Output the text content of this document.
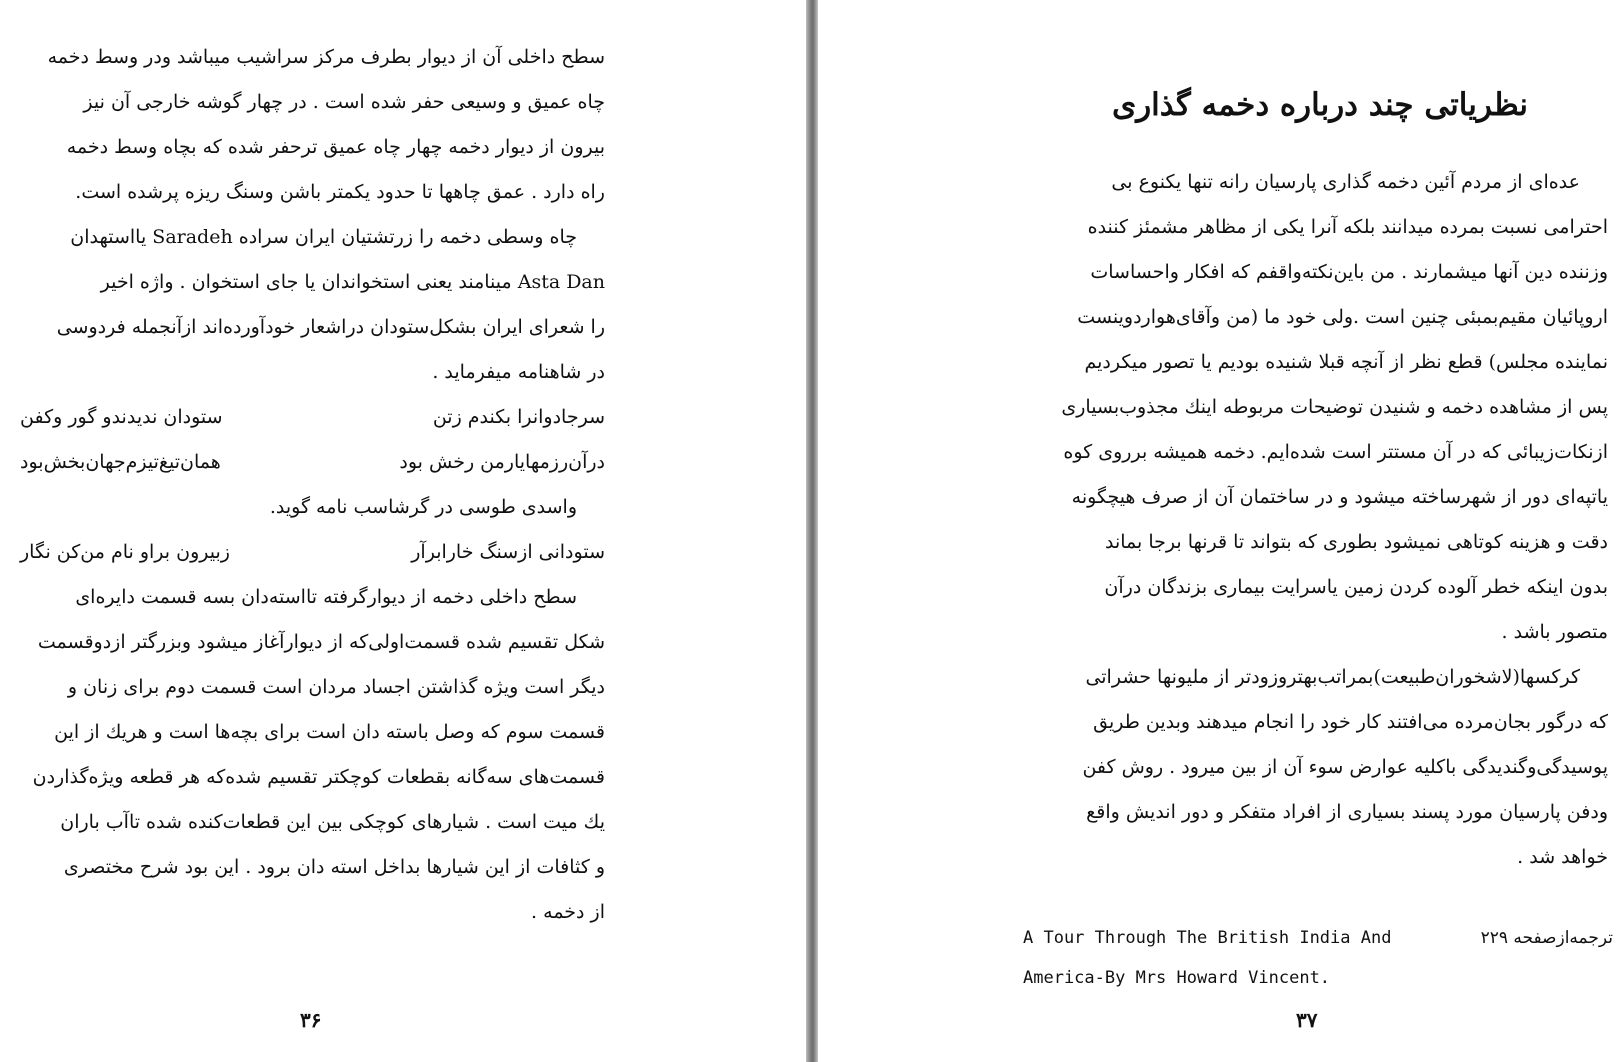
سطح داخلی آن از دیوار بطرف مرکز سراشیب میباشد ودر وسط دخمه
چاه عمیق و وسیعی حفر شده است . در چهار گوشه خارجی آن نیز
بیرون از دیوار دخمه چهار چاه عمیق ترحفر شده که بچاه وسط دخمه
راه دارد . عمق چاهها تا حدود یکمتر باشن وسنگ ریزه پرشده است.
چاه وسطی دخمه را زرتشتیان ایران سراده Saradeh یااستهدان
Asta Dan مینامند یعنی استخواندان یا جای استخوان . واژه اخیر
را شعرای ایران بشکل‌ستودان دراشعار خودآورده‌اند ازآنجمله فردوسی
در شاهنامه میفرماید .
سرجادوانرا بکندم زتن
ستودان ندیدندو گور وکفن
درآن‌رزمهایارمن رخش بود
همان‌تیغ‌تیزم‌جهان‌بخش‌بود
واسدی طوسی در گرشاسب نامه گوید.
ستودانی ازسنگ خارابرآر
زبیرون براو نام من‌کن نگار
سطح داخلی دخمه از دیوارگرفته تااسته‌دان بسه قسمت دایره‌ای
شکل تقسیم شده قسمت‌اولی‌که از دیوارآغاز میشود وبزرگتر ازدوقسمت
دیگر است ویژه گذاشتن اجساد مردان است قسمت دوم برای زنان و
قسمت سوم که وصل باسته دان است برای بچه‌ها است و هریك از این
قسمت‌های سه‌گانه بقطعات کوچکتر تقسیم شده‌که هر قطعه ویژه‌گذاردن
یك میت است . شیارهای کوچکی بین این قطعات‌کنده شده تاآب باران
و کثافات از این شیارها بداخل استه دان برود . این بود شرح مختصری
از دخمه .
۳۶
نظریاتی چند درباره دخمه گذاری
عده‌ای از مردم آئین دخمه گذاری پارسیان رانه تنها یکنوع بی
احترامی نسبت بمرده میدانند بلکه آنرا یکی از مظاهر مشمئز کننده
وزننده دین آنها میشمارند . من باین‌نکته‌واقفم که افکار واحساسات
اروپائیان مقیم‌بمبئی چنین است .ولی خود ما (من وآقای‌هواردوینست
نماینده مجلس) قطع نظر از آنچه قبلا شنیده بودیم یا تصور میکردیم
پس از مشاهده دخمه و شنیدن توضیحات مربوطه اینك مجذوب‌بسیاری
ازنکات‌زیبائی که در آن مستتر است شده‌ایم. دخمه همیشه برروی کوه
یاتپه‌ای دور از شهرساخته میشود و در ساختمان آن از صرف هیچگونه
دقت و هزینه کوتاهی نمیشود بطوری که بتواند تا قرنها برجا بماند
بدون اینکه خطر آلوده کردن زمین یاسرایت بیماری بزندگان درآن
متصور باشد .
کرکسها(لاشخوران‌طبیعت)بمراتب‌بهتروزودتر از ملیونها حشراتی
که درگور بجان‌مرده می‌افتند کار خود را انجام میدهند وبدین طریق
پوسیدگی‌وگندیدگی باکلیه عوارض سوء آن از بین میرود . روش کفن
ودفن پارسیان مورد پسند بسیاری از افراد متفکر و دور اندیش واقع
خواهد شد .
A Tour Through The British India And	ترجمه‌ازصفحه ۲۲۹
America-By Mrs Howard Vincent.
۳۷
